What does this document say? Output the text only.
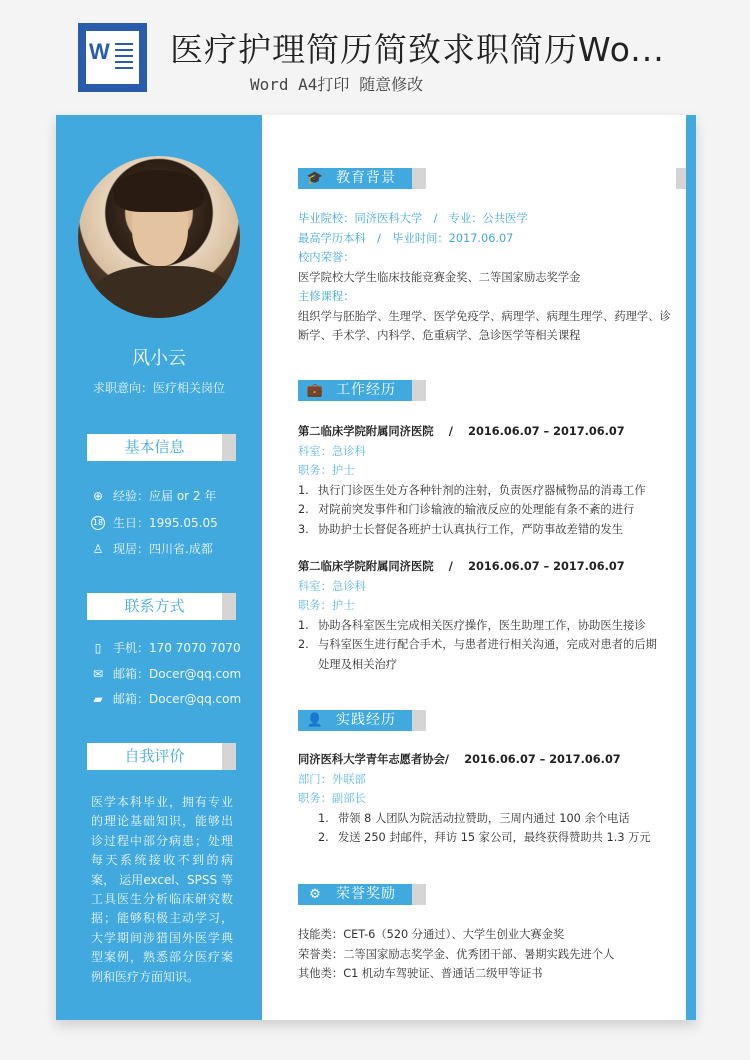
W 医疗护理简历简致求职简历Wo...
Word A4打印 随意修改
风小云
求职意向：医疗相关岗位
基本信息
⊕ 经验：应届 or 2 年
18 生日：1995.05.05
♙ 现居：四川省.成都
联系方式
▯ 手机：170 7070 7070
✉ 邮箱：Docer@qq.com
▰ 邮箱：Docer@qq.com
自我评价
医学本科毕业，拥有专业的理论基础知识，能够出诊过程中部分病患；处理每天系统接收不到的病案， 运用excel、SPSS 等工具医生分析临床研究数据；能够积极主动学习，大学期间涉猎国外医学典型案例，熟悉部分医疗案例和医疗方面知识。
🎓 教育背景
毕业院校：同济医科大学　/　专业：公共医学
最高学历本科　/　毕业时间：2017.06.07
校内荣誉：
医学院校大学生临床技能竞赛金奖、二等国家励志奖学金
主修课程：
组织学与胚胎学、生理学、医学免疫学、病理学、病理生理学、药理学、诊断学、手术学、内科学、危重病学、急诊医学等相关课程
💼 工作经历
第二临床学院附属同济医院　 /　 2016.06.07 – 2017.06.07
科室：急诊科
职务：护士
1. 执行门诊医生处方各种针剂的注射，负责医疗器械物品的消毒工作
2. 对院前突发事件和门诊输液的输液反应的处理能有条不紊的进行
3. 协助护士长督促各班护士认真执行工作，严防事故差错的发生
第二临床学院附属同济医院　 /　 2016.06.07 – 2017.06.07
科室：急诊科
职务：护士
1. 协助各科室医生完成相关医疗操作，医生助理工作，协助医生接诊
2. 与科室医生进行配合手术，与患者进行相关沟通，完成对患者的后期处理及相关治疗
👤 实践经历
同济医科大学青年志愿者协会/　 2016.06.07 – 2017.06.07
部门：外联部
职务：副部长
1. 带领 8 人团队为院活动拉赞助，三周内通过 100 余个电话
2. 发送 250 封邮件，拜访 15 家公司，最终获得赞助共 1.3 万元
⚙ 荣誉奖励
技能类：CET-6（520 分通过）、大学生创业大赛金奖
荣誉类：二等国家励志奖学金、优秀团干部、暑期实践先进个人
其他类：C1 机动车驾驶证、普通话二级甲等证书
